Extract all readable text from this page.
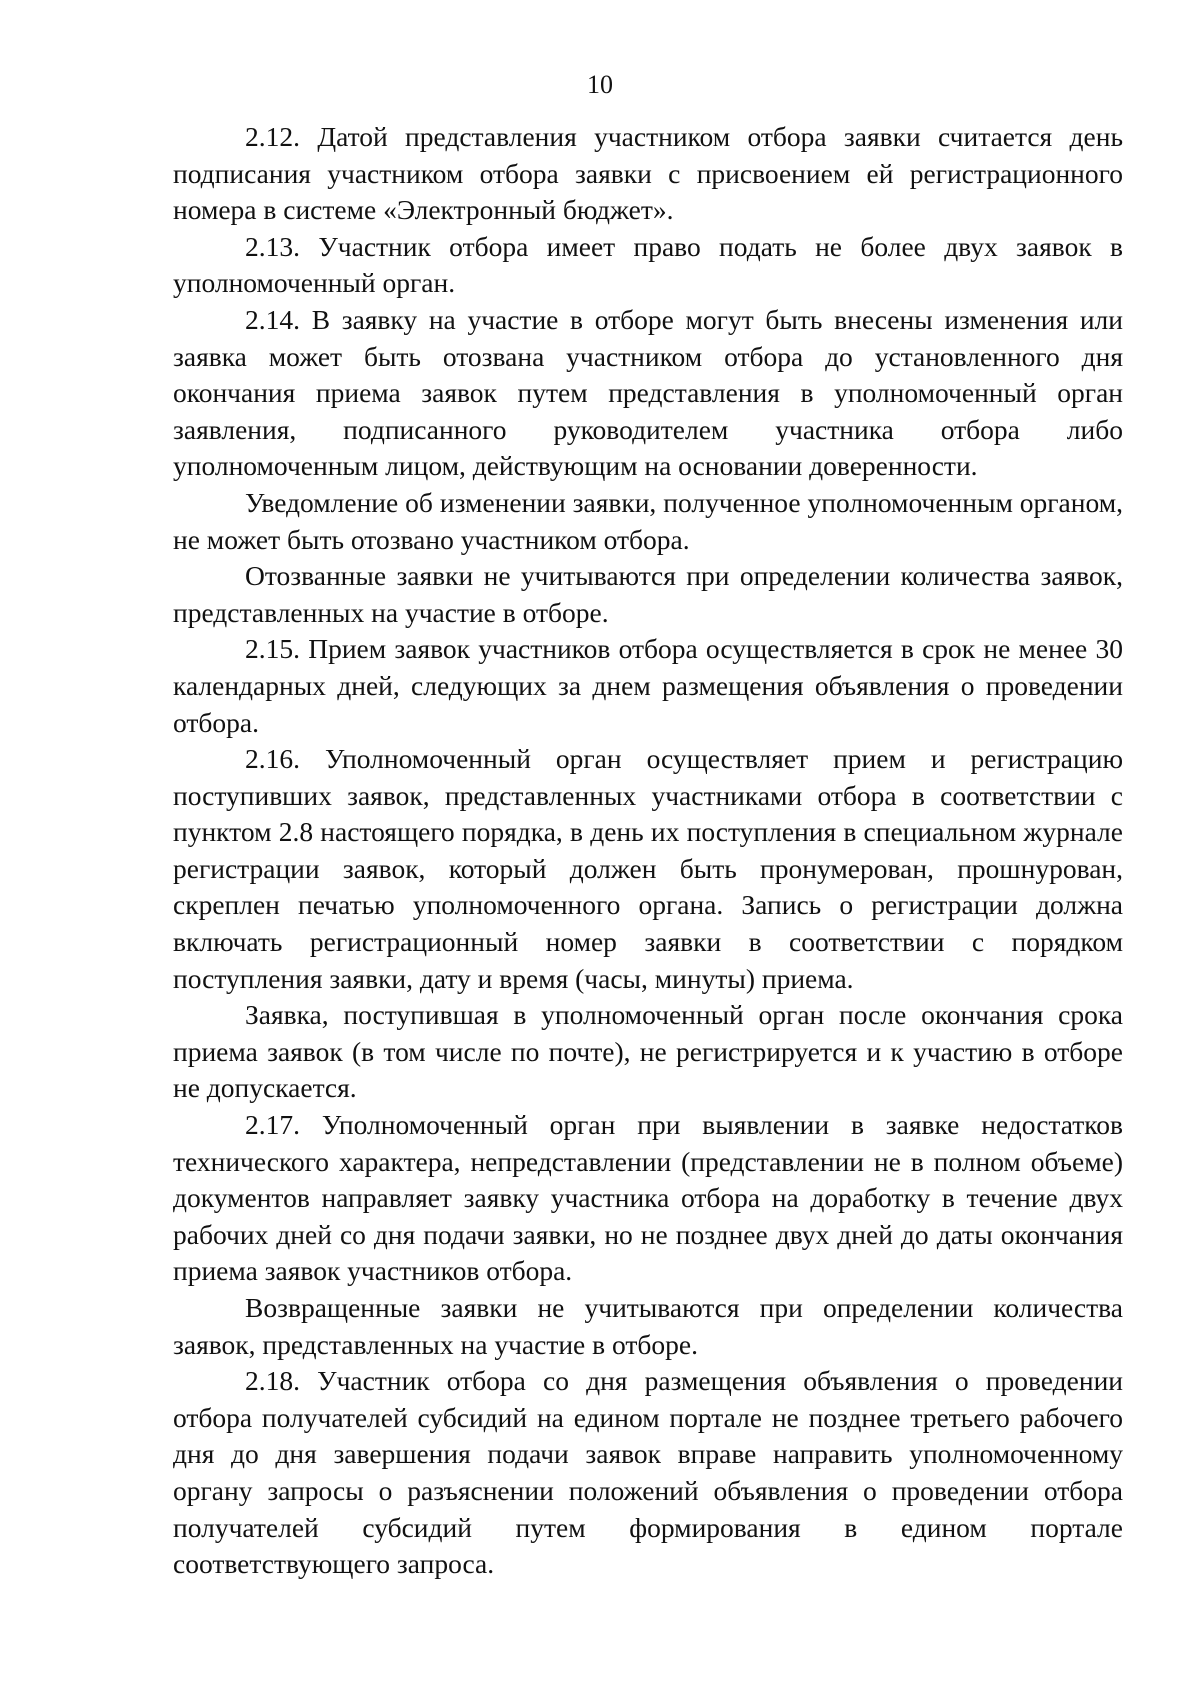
10

2.12. Датой представления участником отбора заявки считается день подписания участником отбора заявки с присвоением ей регистрационного номера в системе «Электронный бюджет».

2.13. Участник отбора имеет право подать не более двух заявок в уполномоченный орган.

2.14. В заявку на участие в отборе могут быть внесены изменения или заявка может быть отозвана участником отбора до установленного дня окончания приема заявок путем представления в уполномоченный орган заявления, подписанного руководителем участника отбора либо уполномоченным лицом, действующим на основании доверенности.

Уведомление об изменении заявки, полученное уполномоченным органом, не может быть отозвано участником отбора.

Отозванные заявки не учитываются при определении количества заявок, представленных на участие в отборе.

2.15. Прием заявок участников отбора осуществляется в срок не менее 30 календарных дней, следующих за днем размещения объявления о проведении отбора.

2.16. Уполномоченный орган осуществляет прием и регистрацию поступивших заявок, представленных участниками отбора в соответствии с пунктом 2.8 настоящего порядка, в день их поступления в специальном журнале регистрации заявок, который должен быть пронумерован, прошнурован, скреплен печатью уполномоченного органа. Запись о регистрации должна включать регистрационный номер заявки в соответствии с порядком поступления заявки, дату и время (часы, минуты) приема.

Заявка, поступившая в уполномоченный орган после окончания срока приема заявок (в том числе по почте), не регистрируется и к участию в отборе не допускается.

2.17. Уполномоченный орган при выявлении в заявке недостатков технического характера, непредставлении (представлении не в полном объеме) документов направляет заявку участника отбора на доработку в течение двух рабочих дней со дня подачи заявки, но не позднее двух дней до даты окончания приема заявок участников отбора.

Возвращенные заявки не учитываются при определении количества заявок, представленных на участие в отборе.

2.18. Участник отбора со дня размещения объявления о проведении отбора получателей субсидий на едином портале не позднее третьего рабочего дня до дня завершения подачи заявок вправе направить уполномоченному органу запросы о разъяснении положений объявления о проведении отбора получателей субсидий путем формирования в едином портале соответствующего запроса.
